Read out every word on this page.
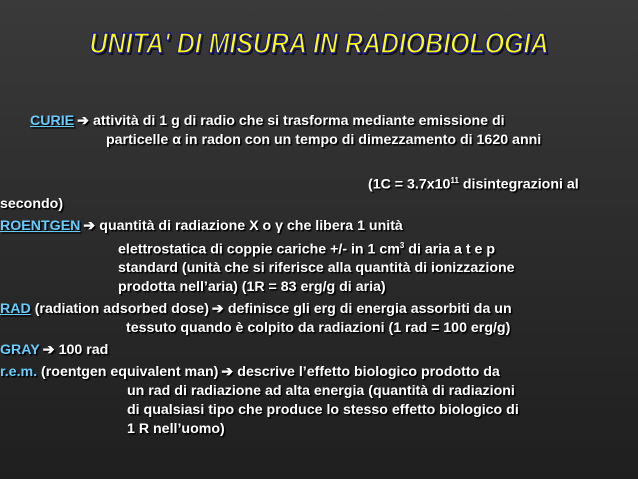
UNITA' DI MISURA IN RADIOBIOLOGIA
CURIE ➔ attività di 1 g di radio che si trasforma mediante emissione di
particelle α in radon con un tempo di dimezzamento di 1620 anni
($1C = 3.7x10^{11}$ disintegrazioni al
secondo)
ROENTGEN ➔ quantità di radiazione X o γ che libera 1 unità
elettrostatica di coppie cariche +/- in 1 $cm^3$ di aria a t e p
standard (unità che si riferisce alla quantità di ionizzazione
prodotta nell’aria) (1R = 83 erg/g di aria)
RAD (radiation adsorbed dose) ➔ definisce gli erg di energia assorbiti da un
tessuto quando è colpito da radiazioni (1 rad = 100 erg/g)
GRAY ➔ 100 rad
r.e.m. (roentgen equivalent man) ➔ descrive l’effetto biologico prodotto da
un rad di radiazione ad alta energia (quantità di radiazioni
di qualsiasi tipo che produce lo stesso effetto biologico di
1 R nell’uomo)
